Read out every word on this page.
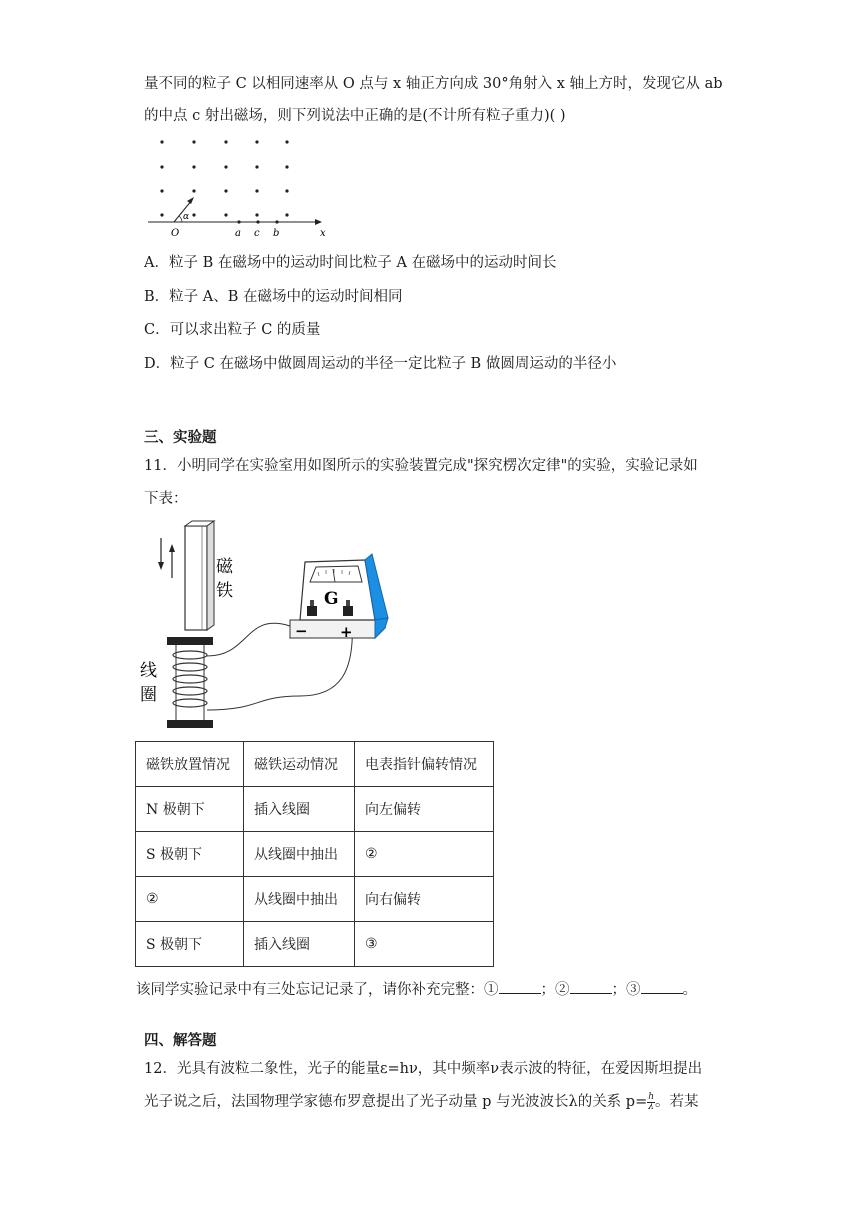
量不同的粒子 C 以相同速率从 O 点与 x 轴正方向成 30°角射入 x 轴上方时，发现它从 ab
的中点 c 射出磁场，则下列说法中正确的是(不计所有粒子重力)( )
α
O	a c b	x
A．粒子 B 在磁场中的运动时间比粒子 A 在磁场中的运动时间长
B．粒子 A、B 在磁场中的运动时间相同
C．可以求出粒子 C 的质量
D．粒子 C 在磁场中做圆周运动的半径一定比粒子 B 做圆周运动的半径小
三、实验题
11．小明同学在实验室用如图所示的实验装置完成"探究楞次定律"的实验，实验记录如
下表：
磁
铁
线
圈
G
− +
磁铁放置情况	磁铁运动情况	电表指针偏转情况
N 极朝下	插入线圈	向左偏转
S 极朝下	从线圈中抽出	②
②	从线圈中抽出	向右偏转
S 极朝下	插入线圈	③
该同学实验记录中有三处忘记记录了，请你补充完整：①	；②	；③	。
四、解答题
12．光具有波粒二象性，光子的能量ε=hν，其中频率ν表示波的特征，在爱因斯坦提出
光子说之后，法国物理学家德布罗意提出了光子动量 p 与光波波长λ的关系 $p= \frac{h}{\lambda}$ 。若某
